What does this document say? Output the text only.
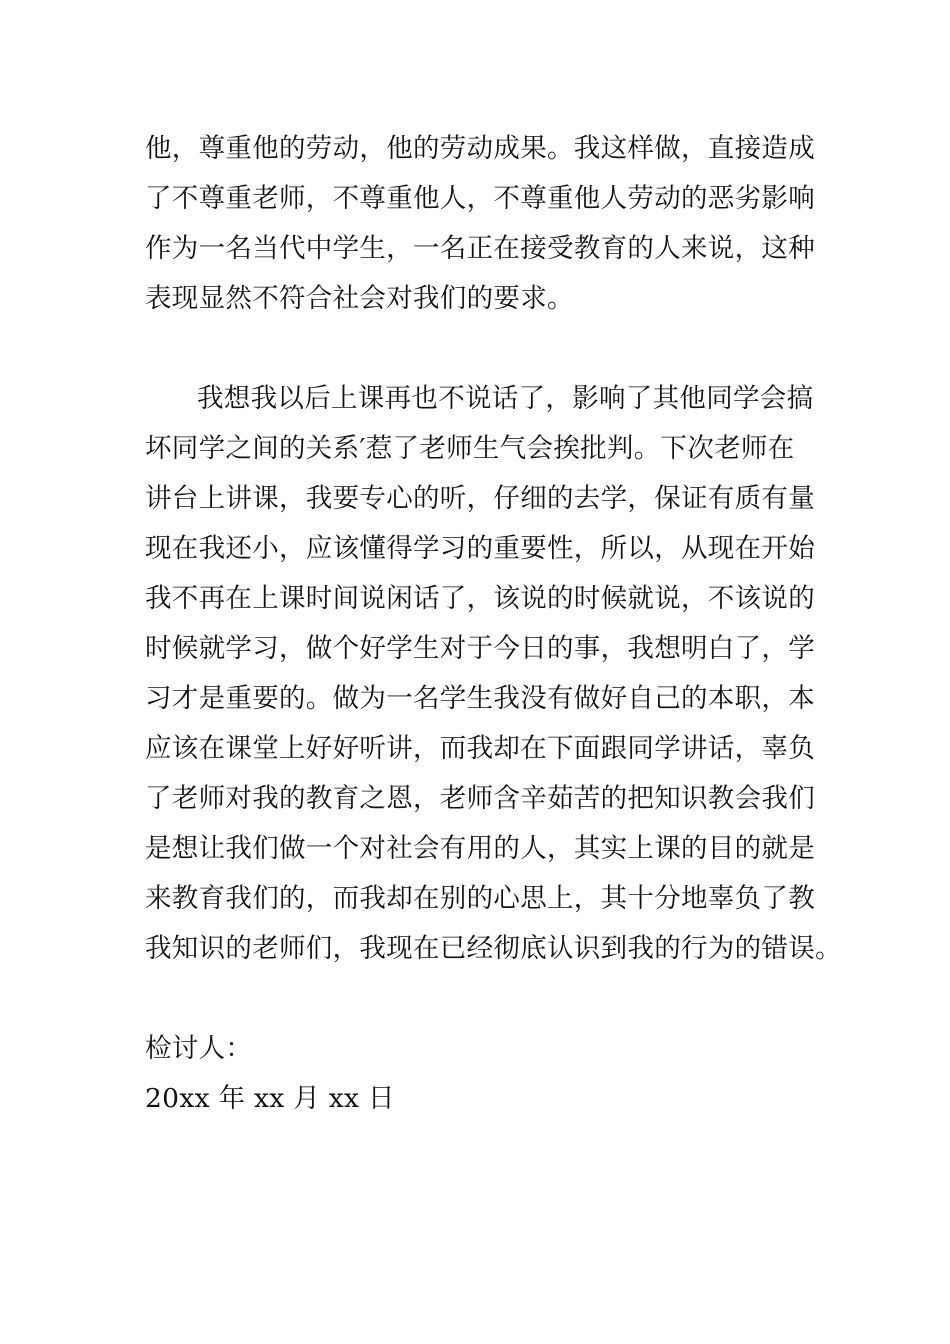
他，尊重他的劳动，他的劳动成果。我这样做，直接造成
了不尊重老师，不尊重他人，不尊重他人劳动的恶劣影响
作为一名当代中学生，一名正在接受教育的人来说，这种
表现显然不符合社会对我们的要求。
我想我以后上课再也不说话了，影响了其他同学会搞
坏同学之间的关系′惹了老师生气会挨批判。下次老师在
讲台上讲课，我要专心的听，仔细的去学，保证有质有量
现在我还小，应该懂得学习的重要性，所以，从现在开始
我不再在上课时间说闲话了，该说的时候就说，不该说的
时候就学习，做个好学生对于今日的事，我想明白了，学
习才是重要的。做为一名学生我没有做好自己的本职，本
应该在课堂上好好听讲，而我却在下面跟同学讲话，辜负
了老师对我的教育之恩，老师含辛茹苦的把知识教会我们
是想让我们做一个对社会有用的人，其实上课的目的就是
来教育我们的，而我却在别的心思上，其十分地辜负了教
我知识的老师们，我现在已经彻底认识到我的行为的错误。
检讨人：
20xx 年 xx 月 xx 日
